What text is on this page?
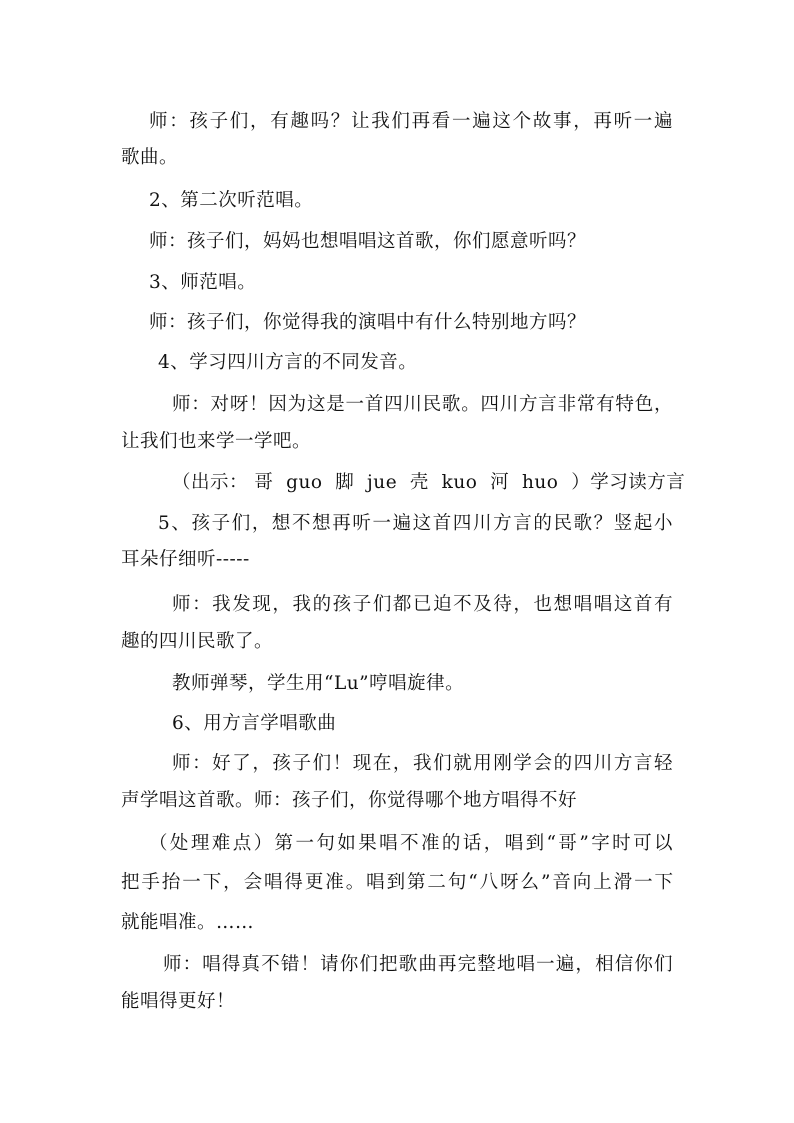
师：孩子们，有趣吗？让我们再看一遍这个故事，再听一遍
歌曲。
2、第二次听范唱。
师：孩子们，妈妈也想唱唱这首歌，你们愿意听吗？
3、师范唱。
师：孩子们，你觉得我的演唱中有什么特别地方吗？
4、学习四川方言的不同发音。
师：对呀！因为这是一首四川民歌。四川方言非常有特色，
让我们也来学一学吧。
（出示： 哥  guo  脚  jue  壳  kuo  河  huo  ）学习读方言
5、孩子们，想不想再听一遍这首四川方言的民歌？竖起小
耳朵仔细听-----
师：我发现，我的孩子们都已迫不及待，也想唱唱这首有
趣的四川民歌了。
教师弹琴，学生用“Lu”哼唱旋律。
6、用方言学唱歌曲
师：好了，孩子们！现在，我们就用刚学会的四川方言轻
声学唱这首歌。师：孩子们，你觉得哪个地方唱得不好
（处理难点）第一句如果唱不准的话，唱到“哥”字时可以
把手抬一下，会唱得更准。唱到第二句“八呀么”音向上滑一下
就能唱准。……
师：唱得真不错！请你们把歌曲再完整地唱一遍，相信你们
能唱得更好！
